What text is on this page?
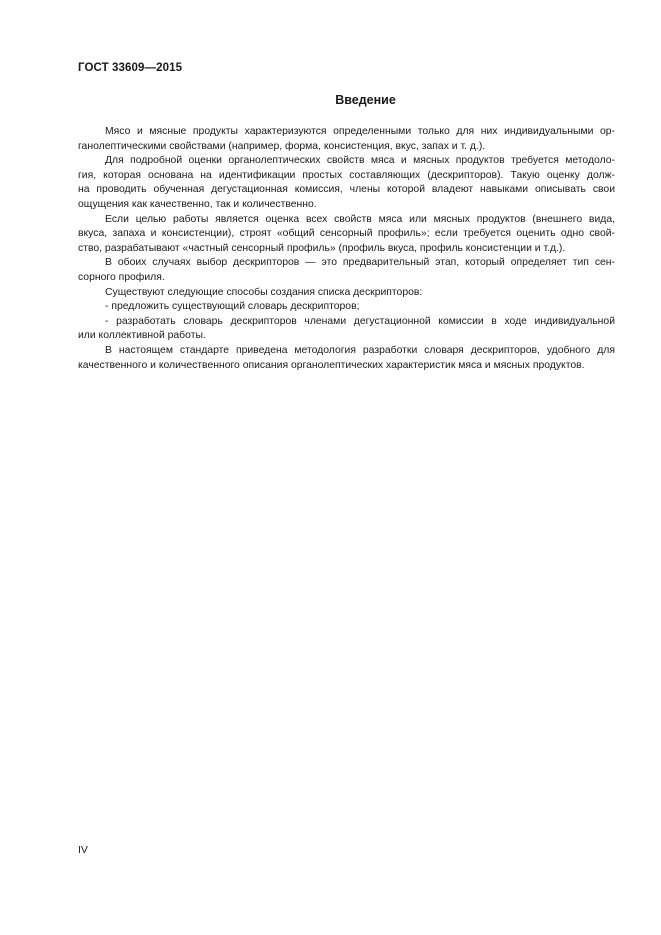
ГОСТ 33609—2015
Введение
Мясо и мясные продукты характеризуются определенными только для них индивидуальными ор-
ганолептическими свойствами (например, форма, консистенция, вкус, запах и т. д.).
Для подробной оценки органолептических свойств мяса и мясных продуктов требуется методоло-
гия, которая основана на идентификации простых составляющих (дескрипторов). Такую оценку долж-
на проводить обученная дегустационная комиссия, члены которой владеют навыками описывать свои
ощущения как качественно, так и количественно.
Если целью работы является оценка всех свойств мяса или мясных продуктов (внешнего вида,
вкуса, запаха и консистенции), строят «общий сенсорный профиль»; если требуется оценить одно свой-
ство, разрабатывают «частный сенсорный профиль» (профиль вкуса, профиль консистенции и т.д.).
В обоих случаях выбор дескрипторов — это предварительный этап, который определяет тип сен-
сорного профиля.
Существуют следующие способы создания списка дескрипторов:
- предложить существующий словарь дескрипторов;
- разработать словарь дескрипторов членами дегустационной комиссии в ходе индивидуальной
или коллективной работы.
В настоящем стандарте приведена методология разработки словаря дескрипторов, удобного для
качественного и количественного описания органолептических характеристик мяса и мясных продуктов.
IV
